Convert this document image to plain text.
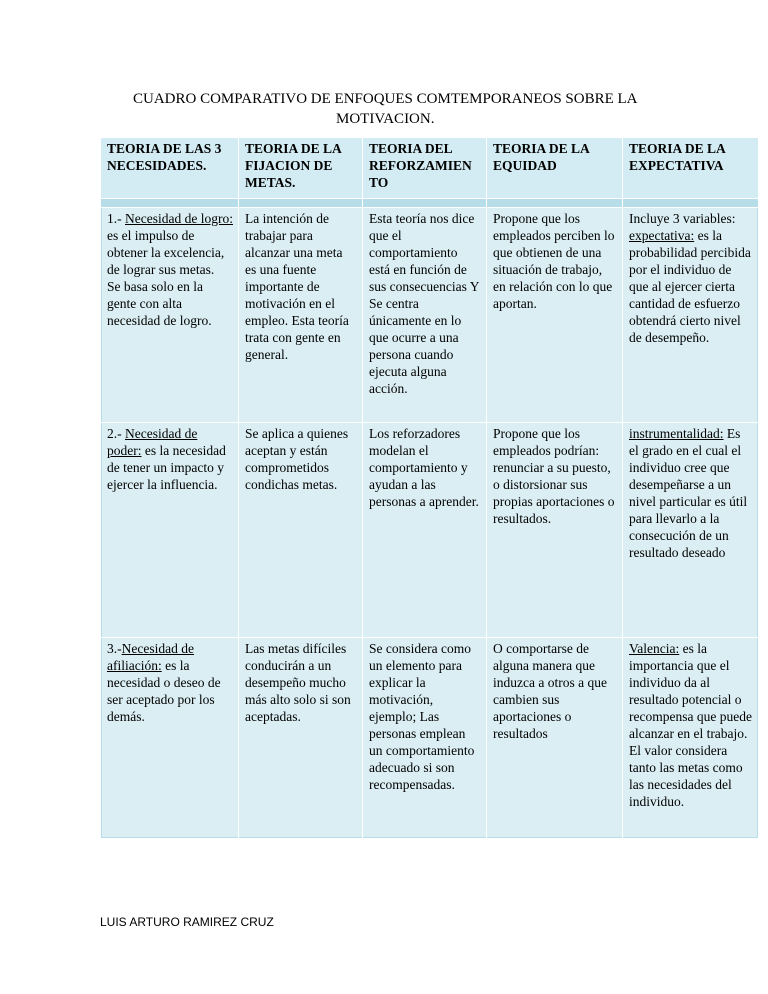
CUADRO COMPARATIVO DE ENFOQUES COMTEMPORANEOS SOBRE LA
MOTIVACION.
TEORIA DE LAS 3 NECESIDADES.	TEORIA DE LA FIJACION DE METAS.	TEORIA DEL REFORZAMIEN TO	TEORIA DE LA EQUIDAD	TEORIA DE LA EXPECTATIVA

1.- Necesidad de logro: es el impulso de obtener la excelencia, de lograr sus metas.
Se basa solo en la gente con alta necesidad de logro.	La intención de trabajar para alcanzar una meta es una fuente importante de motivación en el empleo. Esta teoría trata con gente en general.	Esta teoría nos dice que el comportamiento está en función de sus consecuencias Y Se centra únicamente en lo que ocurre a una persona cuando ejecuta alguna acción.	Propone que los empleados perciben lo que obtienen de una situación de trabajo, en relación con lo que aportan.	Incluye 3 variables: expectativa: es la probabilidad percibida por el individuo de que al ejercer cierta cantidad de esfuerzo obtendrá cierto nivel de desempeño.
2.- Necesidad de poder: es la necesidad de tener un impacto y ejercer la influencia.	Se aplica a quienes aceptan y están comprometidos condichas metas.	Los reforzadores modelan el comportamiento y ayudan a las personas a aprender.	Propone que los empleados podrían: renunciar a su puesto, o distorsionar sus propias aportaciones o resultados.	instrumentalidad: Es el grado en el cual el individuo cree que desempeñarse a un nivel particular es útil para llevarlo a la consecución de un resultado deseado
3.-Necesidad de afiliación: es la necesidad o deseo de ser aceptado por los demás.	Las metas difíciles conducirán a un desempeño mucho más alto solo si son aceptadas.	Se considera como un elemento para explicar la motivación, ejemplo; Las personas emplean un comportamiento adecuado si son recompensadas.	O comportarse de alguna manera que induzca a otros a que cambien sus aportaciones o resultados	Valencia: es la importancia que el individuo da al resultado potencial o recompensa que puede alcanzar en el trabajo. El valor considera tanto las metas como las necesidades del individuo.
LUIS ARTURO RAMIREZ CRUZ
